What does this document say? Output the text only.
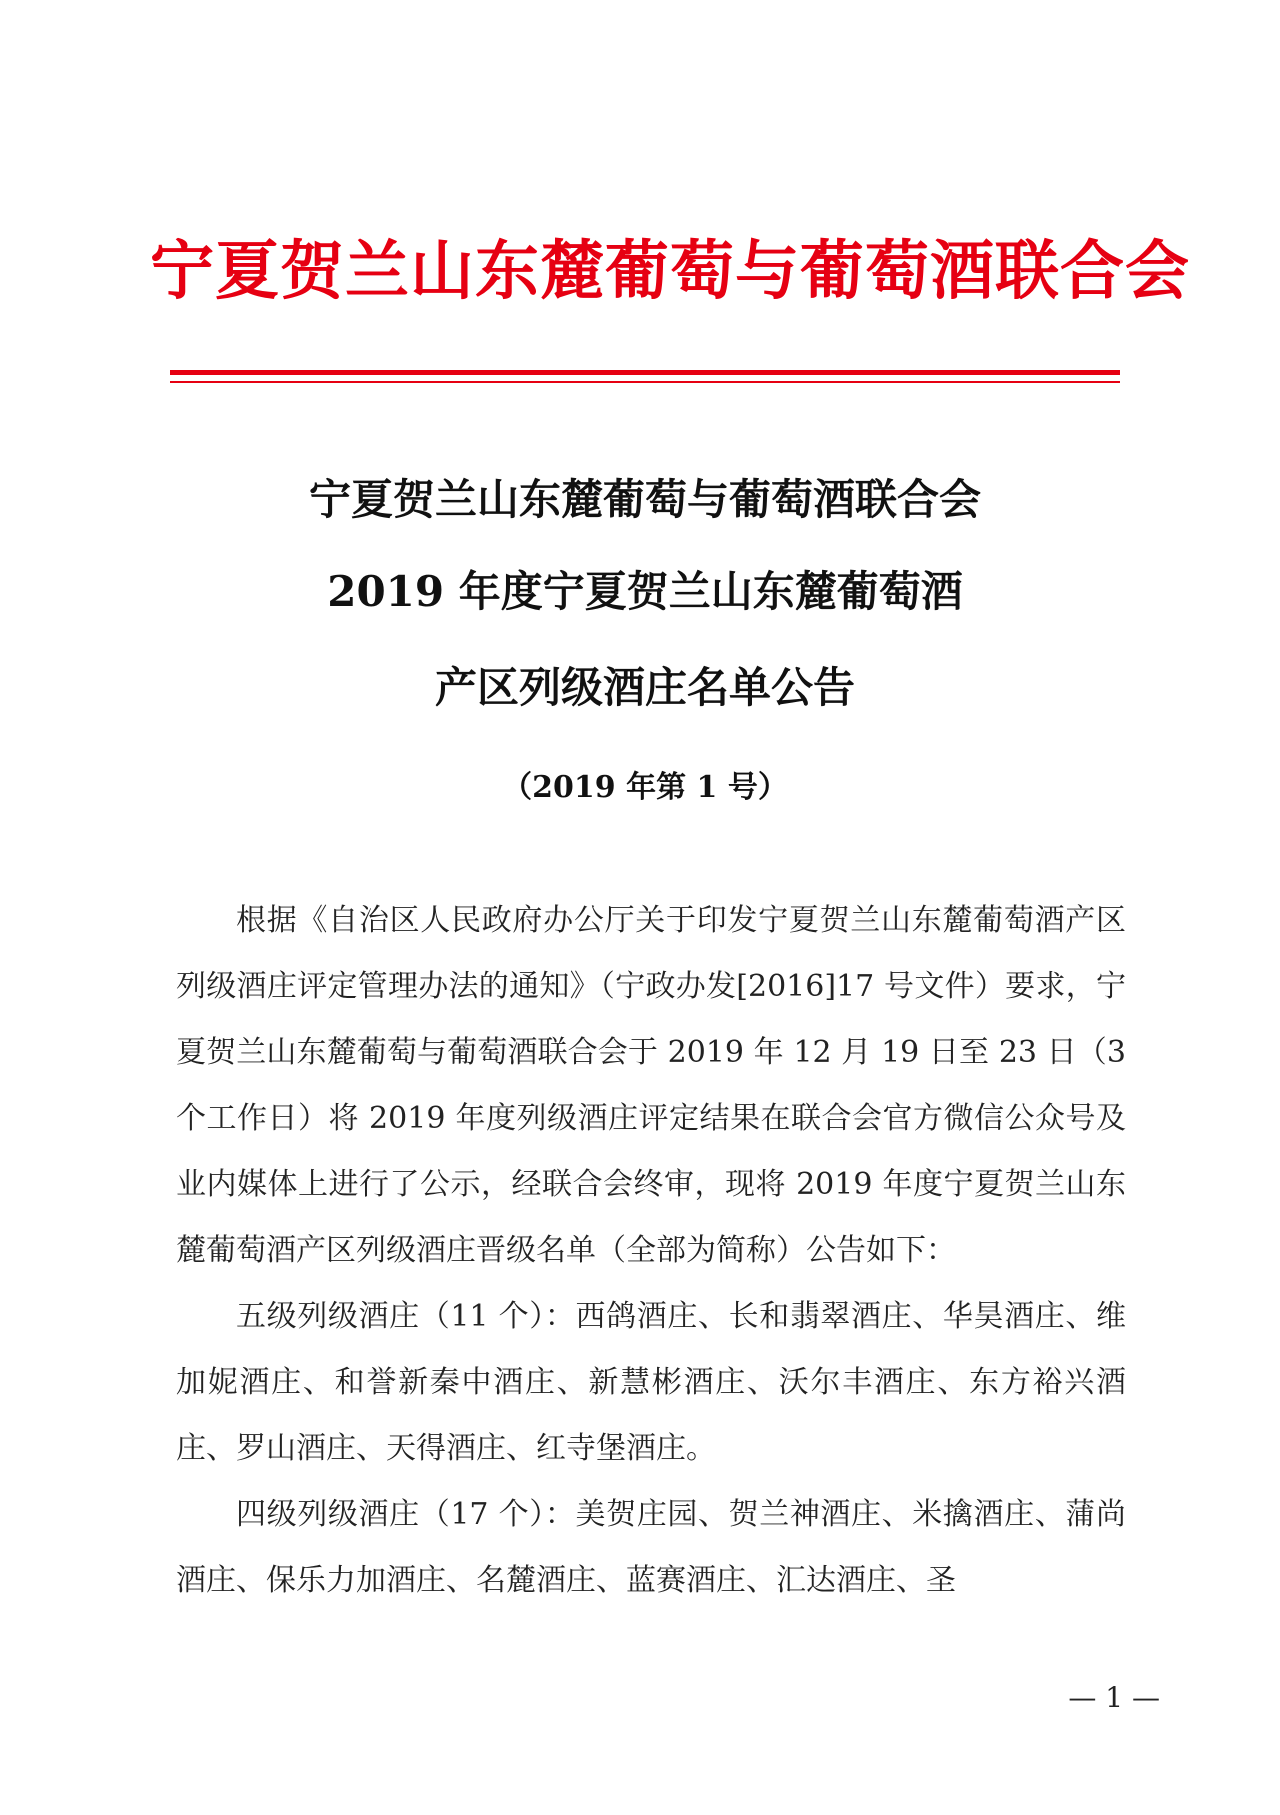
宁夏贺兰山东麓葡萄与葡萄酒联合会
宁夏贺兰山东麓葡萄与葡萄酒联合会
2019 年度宁夏贺兰山东麓葡萄酒
产区列级酒庄名单公告
（2019 年第 1 号）

根据《自治区人民政府办公厅关于印发宁夏贺兰山东麓葡萄酒产区列级酒庄评定管理办法的通知》（宁政办发[2016]17 号文件）要求，宁夏贺兰山东麓葡萄与葡萄酒联合会于 2019 年 12 月 19 日至 23 日（3 个工作日）将 2019 年度列级酒庄评定结果在联合会官方微信公众号及业内媒体上进行了公示，经联合会终审，现将 2019 年度宁夏贺兰山东麓葡萄酒产区列级酒庄晋级名单（全部为简称）公告如下：

五级列级酒庄（11 个）：西鸽酒庄、长和翡翠酒庄、华昊酒庄、维加妮酒庄、和誉新秦中酒庄、新慧彬酒庄、沃尔丰酒庄、东方裕兴酒庄、罗山酒庄、天得酒庄、红寺堡酒庄。

四级列级酒庄（17 个）：美贺庄园、贺兰神酒庄、米擒酒庄、蒲尚酒庄、保乐力加酒庄、名麓酒庄、蓝赛酒庄、汇达酒庄、圣

— 1 —
